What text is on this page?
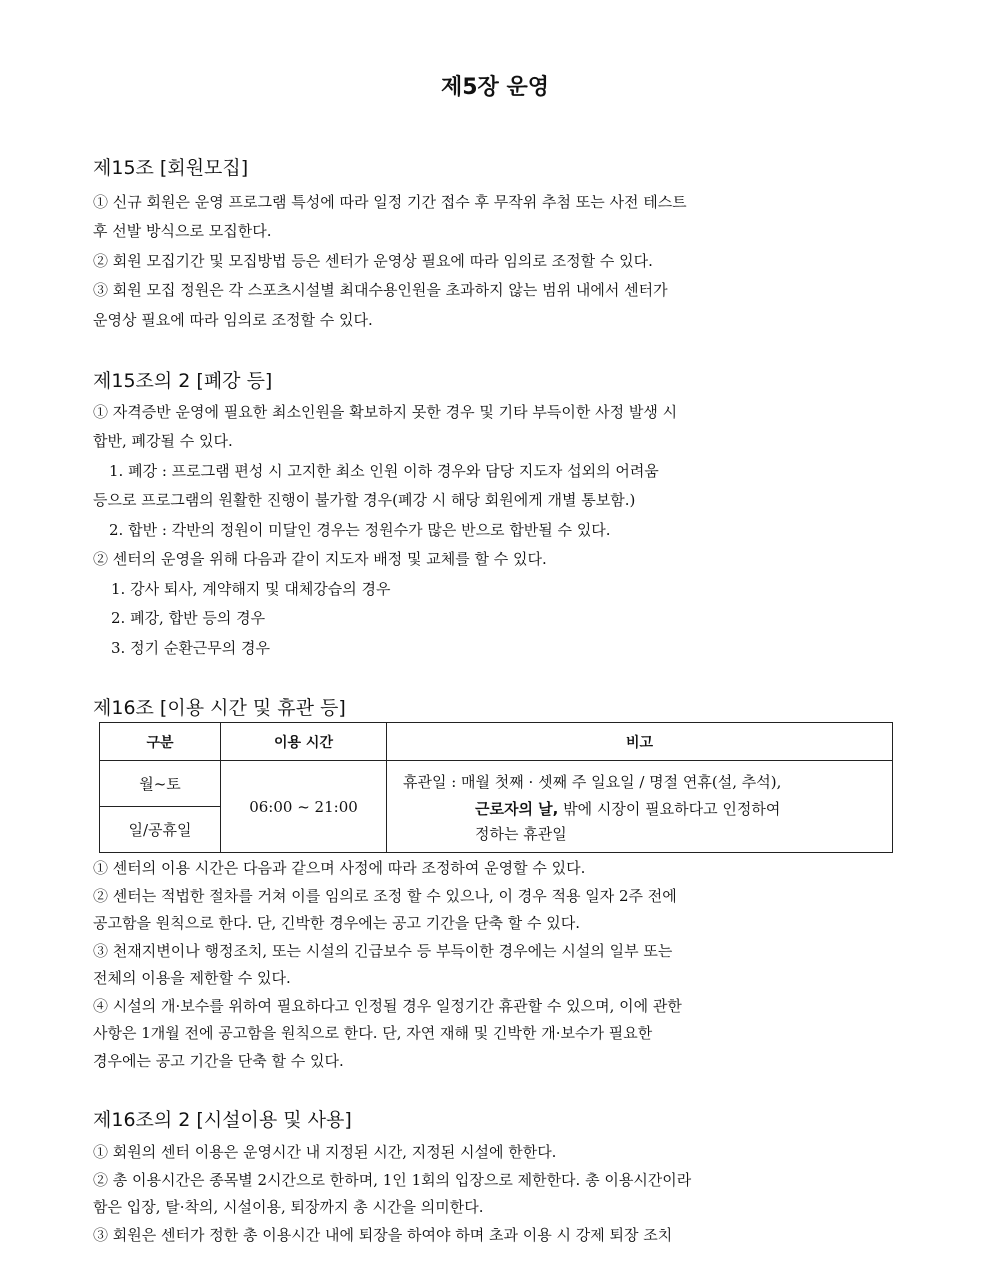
제5장 운영
제15조 [회원모집]

① 신규 회원은 운영 프로그램 특성에 따라 일정 기간 접수 후 무작위 추첨 또는 사전 테스트

후 선발 방식으로 모집한다.

② 회원 모집기간 및 모집방법 등은 센터가 운영상 필요에 따라 임의로 조정할 수 있다.

③ 회원 모집 정원은 각 스포츠시설별 최대수용인원을 초과하지 않는 범위 내에서 센터가

운영상 필요에 따라 임의로 조정할 수 있다.

제15조의 2 [폐강 등]

① 자격증반 운영에 필요한 최소인원을 확보하지 못한 경우 및 기타 부득이한 사정 발생 시

합반, 폐강될 수 있다.

1. 폐강 : 프로그램 편성 시 고지한 최소 인원 이하 경우와 담당 지도자 섭외의 어려움

등으로 프로그램의 원활한 진행이 불가할 경우(폐강 시 해당 회원에게 개별 통보함.)

2. 합반 : 각반의 정원이 미달인 경우는 정원수가 많은 반으로 합반될 수 있다.

② 센터의 운영을 위해 다음과 같이 지도자 배정 및 교체를 할 수 있다.

1. 강사 퇴사, 계약해지 및 대체강습의 경우

2. 폐강, 합반 등의 경우

3. 정기 순환근무의 경우

제16조 [이용 시간 및 휴관 등]
구분	이용 시간	비고
월~토	06:00 ~ 21:00	휴관일 : 매월 첫째 · 셋째 주 일요일 / 명절 연휴(설, 추석),
근로자의 날, 밖에 시장이 필요하다고 인정하여
정하는 휴관일

일/공휴일		

① 센터의 이용 시간은 다음과 같으며 사정에 따라 조정하여 운영할 수 있다.

② 센터는 적법한 절차를 거쳐 이를 임의로 조정 할 수 있으나, 이 경우 적용 일자 2주 전에

공고함을 원칙으로 한다. 단, 긴박한 경우에는 공고 기간을 단축 할 수 있다.

③ 천재지변이나 행정조치, 또는 시설의 긴급보수 등 부득이한 경우에는 시설의 일부 또는

전체의 이용을 제한할 수 있다.

④ 시설의 개·보수를 위하여 필요하다고 인정될 경우 일정기간 휴관할 수 있으며, 이에 관한

사항은 1개월 전에 공고함을 원칙으로 한다. 단, 자연 재해 및 긴박한 개·보수가 필요한

경우에는 공고 기간을 단축 할 수 있다.

제16조의 2 [시설이용 및 사용]

① 회원의 센터 이용은 운영시간 내 지정된 시간, 지정된 시설에 한한다.

② 총 이용시간은 종목별 2시간으로 한하며, 1인 1회의 입장으로 제한한다. 총 이용시간이라

함은 입장, 탈·착의, 시설이용, 퇴장까지 총 시간을 의미한다.

③ 회원은 센터가 정한 총 이용시간 내에 퇴장을 하여야 하며 초과 이용 시 강제 퇴장 조치
